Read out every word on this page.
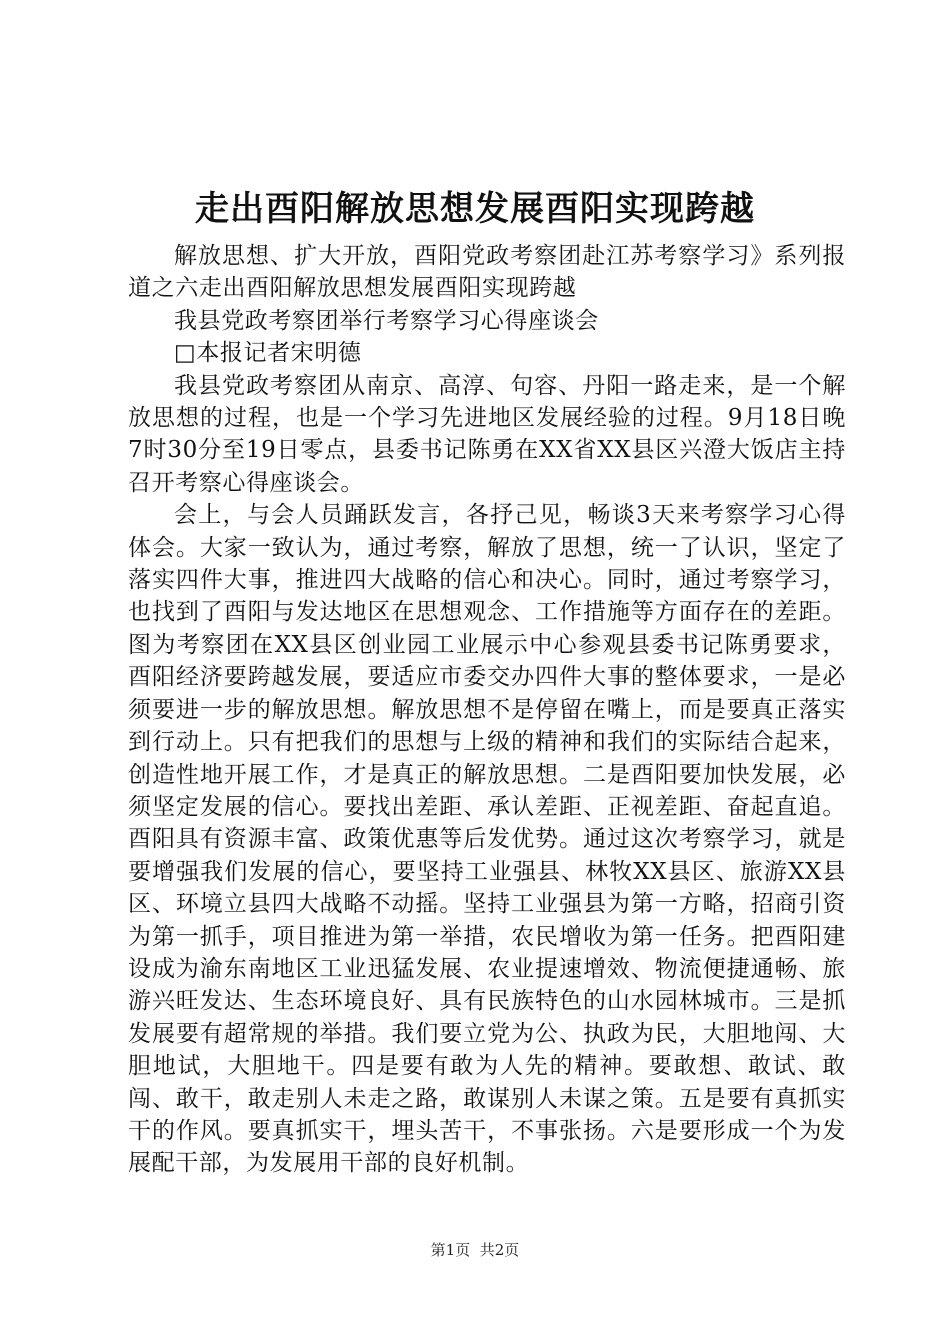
走出酉阳解放思想发展酉阳实现跨越

解放思想、扩大开放，酉阳党政考察团赴江苏考察学习》系列报道之六走出酉阳解放思想发展酉阳实现跨越

我县党政考察团举行考察学习心得座谈会

□本报记者宋明德

我县党政考察团从南京、高淳、句容、丹阳一路走来，是一个解放思想的过程，也是一个学习先进地区发展经验的过程。9月18日晚7时30分至19日零点，县委书记陈勇在XX省XX县区兴澄大饭店主持召开考察心得座谈会。

会上，与会人员踊跃发言，各抒己见，畅谈3天来考察学习心得体会。大家一致认为，通过考察，解放了思想，统一了认识，坚定了落实四件大事，推进四大战略的信心和决心。同时，通过考察学习，也找到了酉阳与发达地区在思想观念、工作措施等方面存在的差距。图为考察团在XX县区创业园工业展示中心参观县委书记陈勇要求，酉阳经济要跨越发展，要适应市委交办四件大事的整体要求，一是必须要进一步的解放思想。解放思想不是停留在嘴上，而是要真正落实到行动上。只有把我们的思想与上级的精神和我们的实际结合起来，创造性地开展工作，才是真正的解放思想。二是酉阳要加快发展，必须坚定发展的信心。要找出差距、承认差距、正视差距、奋起直追。酉阳具有资源丰富、政策优惠等后发优势。通过这次考察学习，就是要增强我们发展的信心，要坚持工业强县、林牧XX县区、旅游XX县区、环境立县四大战略不动摇。坚持工业强县为第一方略，招商引资为第一抓手，项目推进为第一举措，农民增收为第一任务。把酉阳建设成为渝东南地区工业迅猛发展、农业提速增效、物流便捷通畅、旅游兴旺发达、生态环境良好、具有民族特色的山水园林城市。三是抓发展要有超常规的举措。我们要立党为公、执政为民，大胆地闯、大胆地试，大胆地干。四是要有敢为人先的精神。要敢想、敢试、敢闯、敢干，敢走别人未走之路，敢谋别人未谋之策。五是要有真抓实干的作风。要真抓实干，埋头苦干，不事张扬。六是要形成一个为发展配干部，为发展用干部的良好机制。

第1页 共2页
